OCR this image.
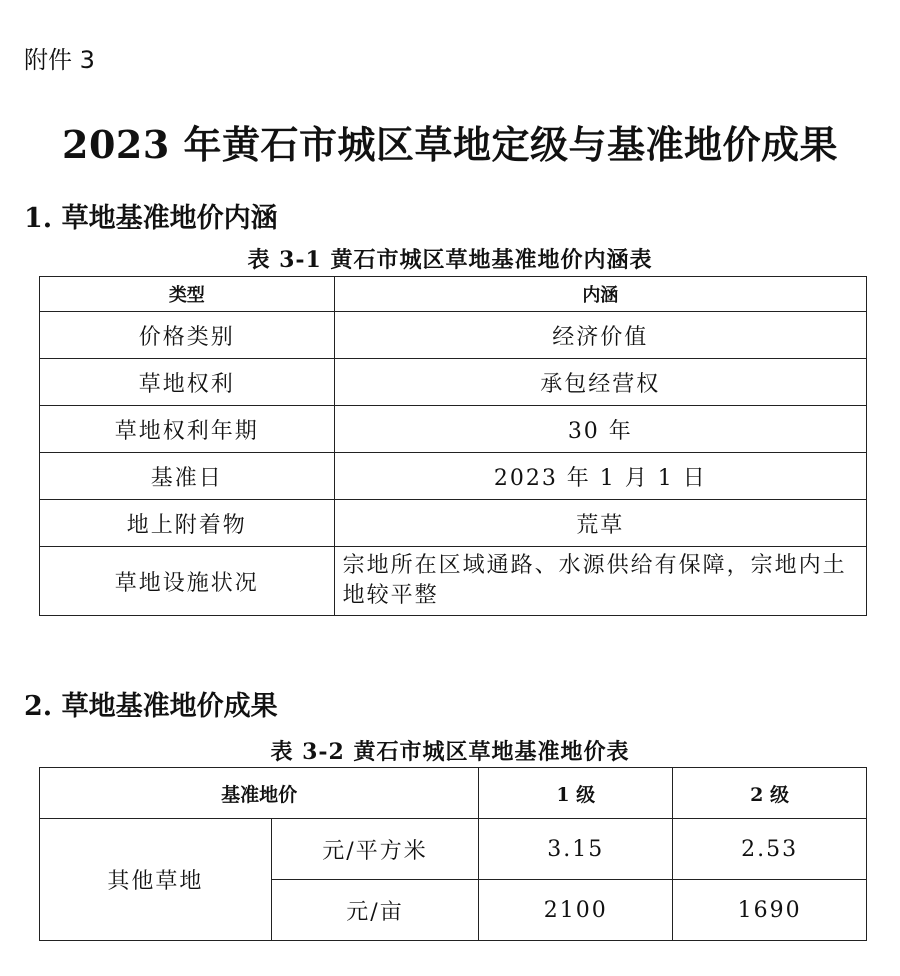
附件 3

2023 年黄石市城区草地定级与基准地价成果
1. 草地基准地价内涵

表 3-1 黄石市城区草地基准地价内涵表

类型	内涵
价格类别	经济价值
草地权利	承包经营权
草地权利年期	30 年
基准日	2023 年 1 月 1 日
地上附着物	荒草
草地设施状况	宗地所在区域通路、水源供给有保障，宗地内土地较平整
2. 草地基准地价成果

表 3-2 黄石市城区草地基准地价表

基准地价		1 级	2 级
其他草地	元/平方米	3.15	2.53
	元/亩	2100	1690
